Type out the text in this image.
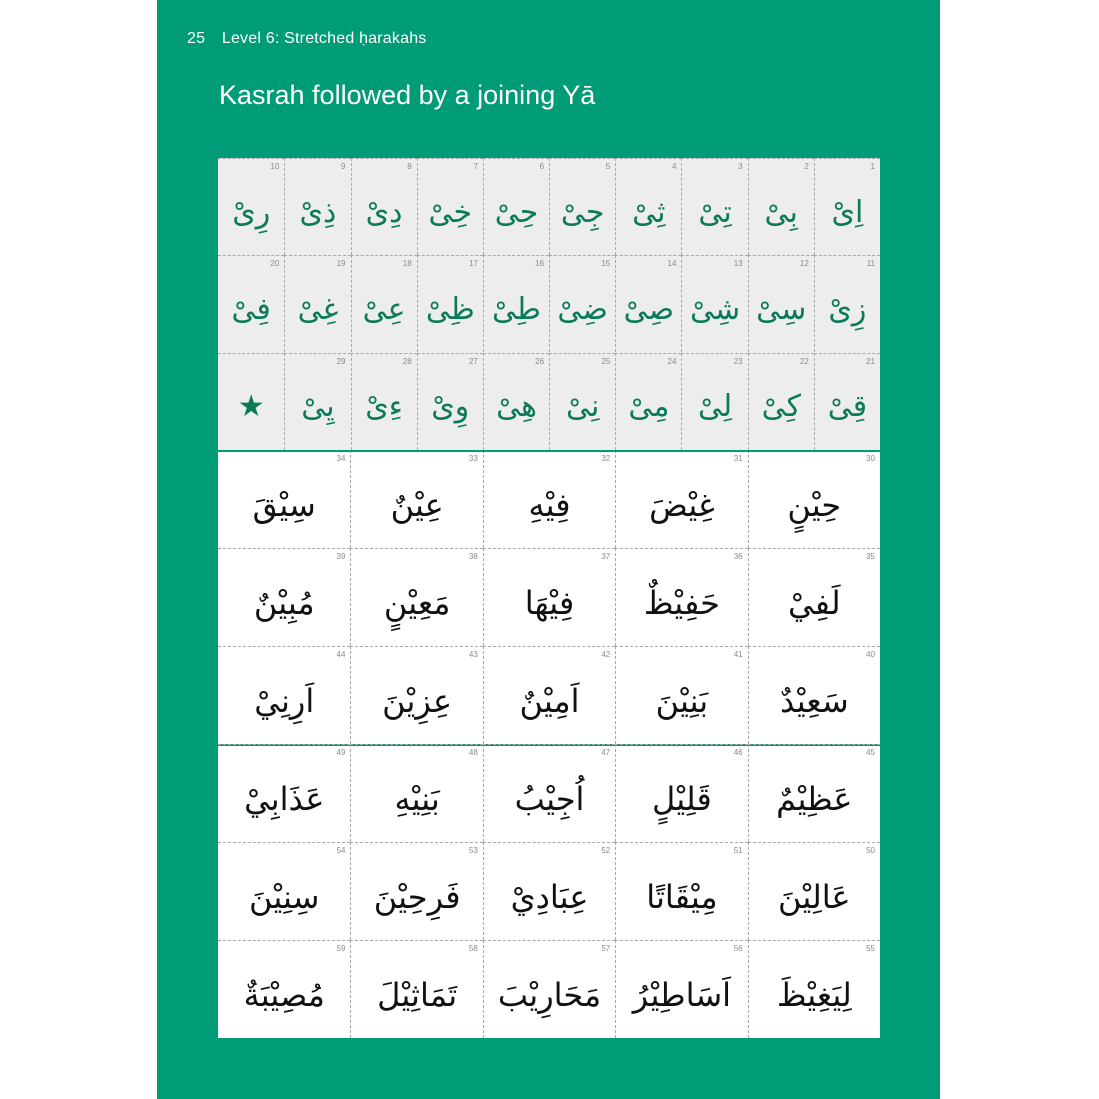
25 Level 6: Stretched ḥarakahs
Kasrah followed by a joining Yā
1
اِیْ
2
بِیْ
3
تِیْ
4
ثِیْ
5
جِیْ
6
حِیْ
7
خِیْ
8
دِیْ
9
ذِیْ
10
رِیْ
11
زِیْ
12
سِیْ
13
شِیْ
14
صِیْ
15
ضِیْ
16
طِیْ
17
ظِیْ
18
عِیْ
19
غِیْ
20
فِیْ
21
قِیْ
22
کِیْ
23
لِیْ
24
مِیْ
25
نِیْ
26
هِیْ
27
وِیْ
28
ءِیْ
29
یِیْ
★
30
حِيْنٍ
31
غِيْضَ
32
فِيْهِ
33
عِيْنٌ
34
سِيْقَ
35
لَفِيْ
36
حَفِيْظٌ
37
فِيْهَا
38
مَعِيْنٍ
39
مُبِيْنٌ
40
سَعِيْدٌ
41
بَنِيْنَ
42
اَمِيْنٌ
43
عِزِيْنَ
44
اَرِنِيْ
45
عَظِيْمٌ
46
قَلِيْلٍ
47
اُجِيْبُ
48
بَنِيْهِ
49
عَذَابِيْ
50
عَالِيْنَ
51
مِيْقَاتًا
52
عِبَادِيْ
53
فَرِحِيْنَ
54
سِنِيْنَ
55
لِيَغِيْظَ
56
اَسَاطِيْرُ
57
مَحَارِيْبَ
58
تَمَاثِيْلَ
59
مُصِيْبَةٌ
